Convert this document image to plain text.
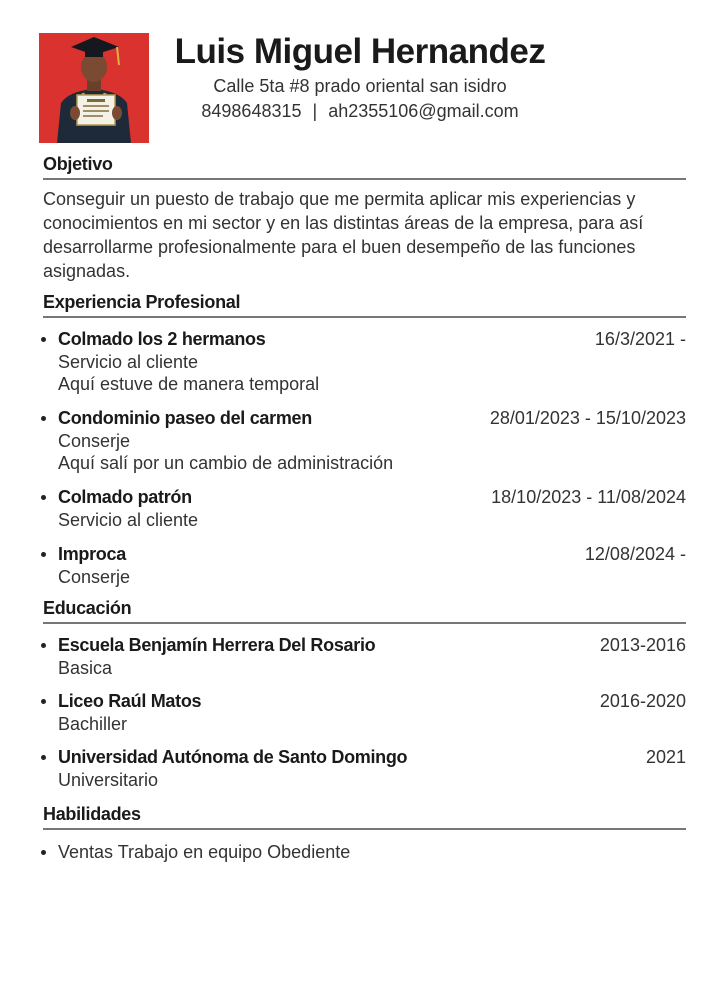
Luis Miguel Hernandez
Calle 5ta #8 prado oriental san isidro
8498648315 | ah2355106@gmail.com
Objetivo
Conseguir un puesto de trabajo que me permita aplicar mis experiencias y conocimientos en mi sector y en las distintas áreas de la empresa, para así desarrollarme profesionalmente para el buen desempeño de las funciones asignadas.
Experiencia Profesional
Colmado los 2 hermanos	16/3/2021 -
Servicio al cliente
Aquí estuve de manera temporal
Condominio paseo del carmen	28/01/2023 - 15/10/2023
Conserje
Aquí salí por un cambio de administración
Colmado patrón	18/10/2023 - 11/08/2024
Servicio al cliente
Improca	12/08/2024 -
Conserje
Educación
Escuela Benjamín Herrera Del Rosario	2013-2016
Basica
Liceo Raúl Matos	2016-2020
Bachiller
Universidad Autónoma de Santo Domingo	2021
Universitario
Habilidades
Ventas Trabajo en equipo Obediente
